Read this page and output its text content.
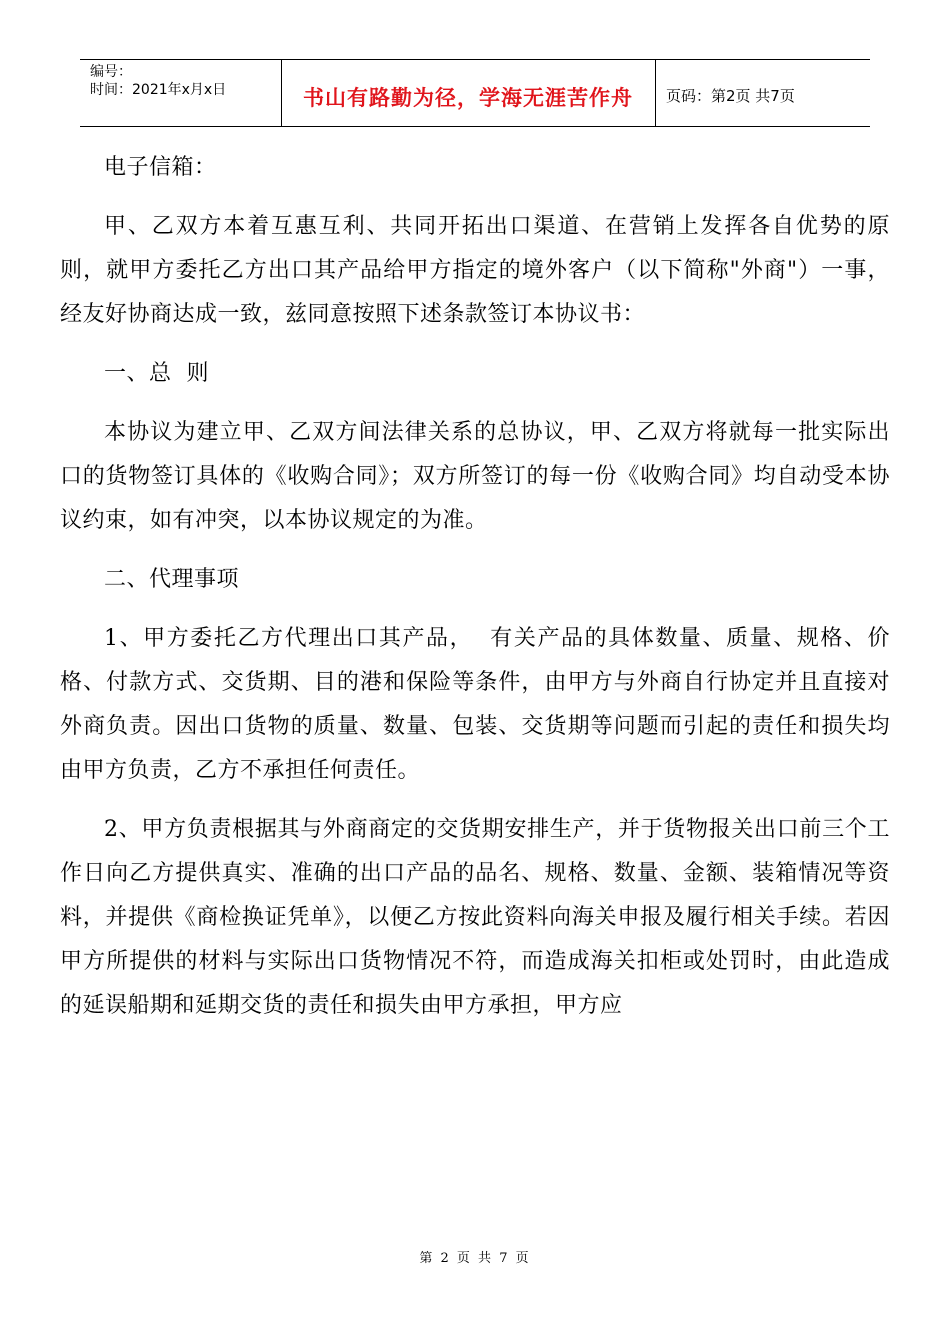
编号：
时间：2021年x月x日	书山有路勤为径，学海无涯苦作舟	页码：第2页 共7页

电子信箱：

甲、乙双方本着互惠互利、共同开拓出口渠道、在营销上发挥各自优势的原则，就甲方委托乙方出口其产品给甲方指定的境外客户（以下简称"外商"）一事，经友好协商达成一致，兹同意按照下述条款签订本协议书：

一、总  则

本协议为建立甲、乙双方间法律关系的总协议，甲、乙双方将就每一批实际出口的货物签订具体的《收购合同》；双方所签订的每一份《收购合同》均自动受本协议约束，如有冲突，以本协议规定的为准。

二、代理事项

1、甲方委托乙方代理出口其产品，  有关产品的具体数量、质量、规格、价格、付款方式、交货期、目的港和保险等条件，由甲方与外商自行协定并且直接对外商负责。因出口货物的质量、数量、包装、交货期等问题而引起的责任和损失均由甲方负责，乙方不承担任何责任。

2、甲方负责根据其与外商商定的交货期安排生产，并于货物报关出口前三个工作日向乙方提供真实、准确的出口产品的品名、规格、数量、金额、装箱情况等资料，并提供《商检换证凭单》，以便乙方按此资料向海关申报及履行相关手续。若因甲方所提供的材料与实际出口货物情况不符，而造成海关扣柜或处罚时，由此造成的延误船期和延期交货的责任和损失由甲方承担，甲方应

第 2 页 共 7 页
